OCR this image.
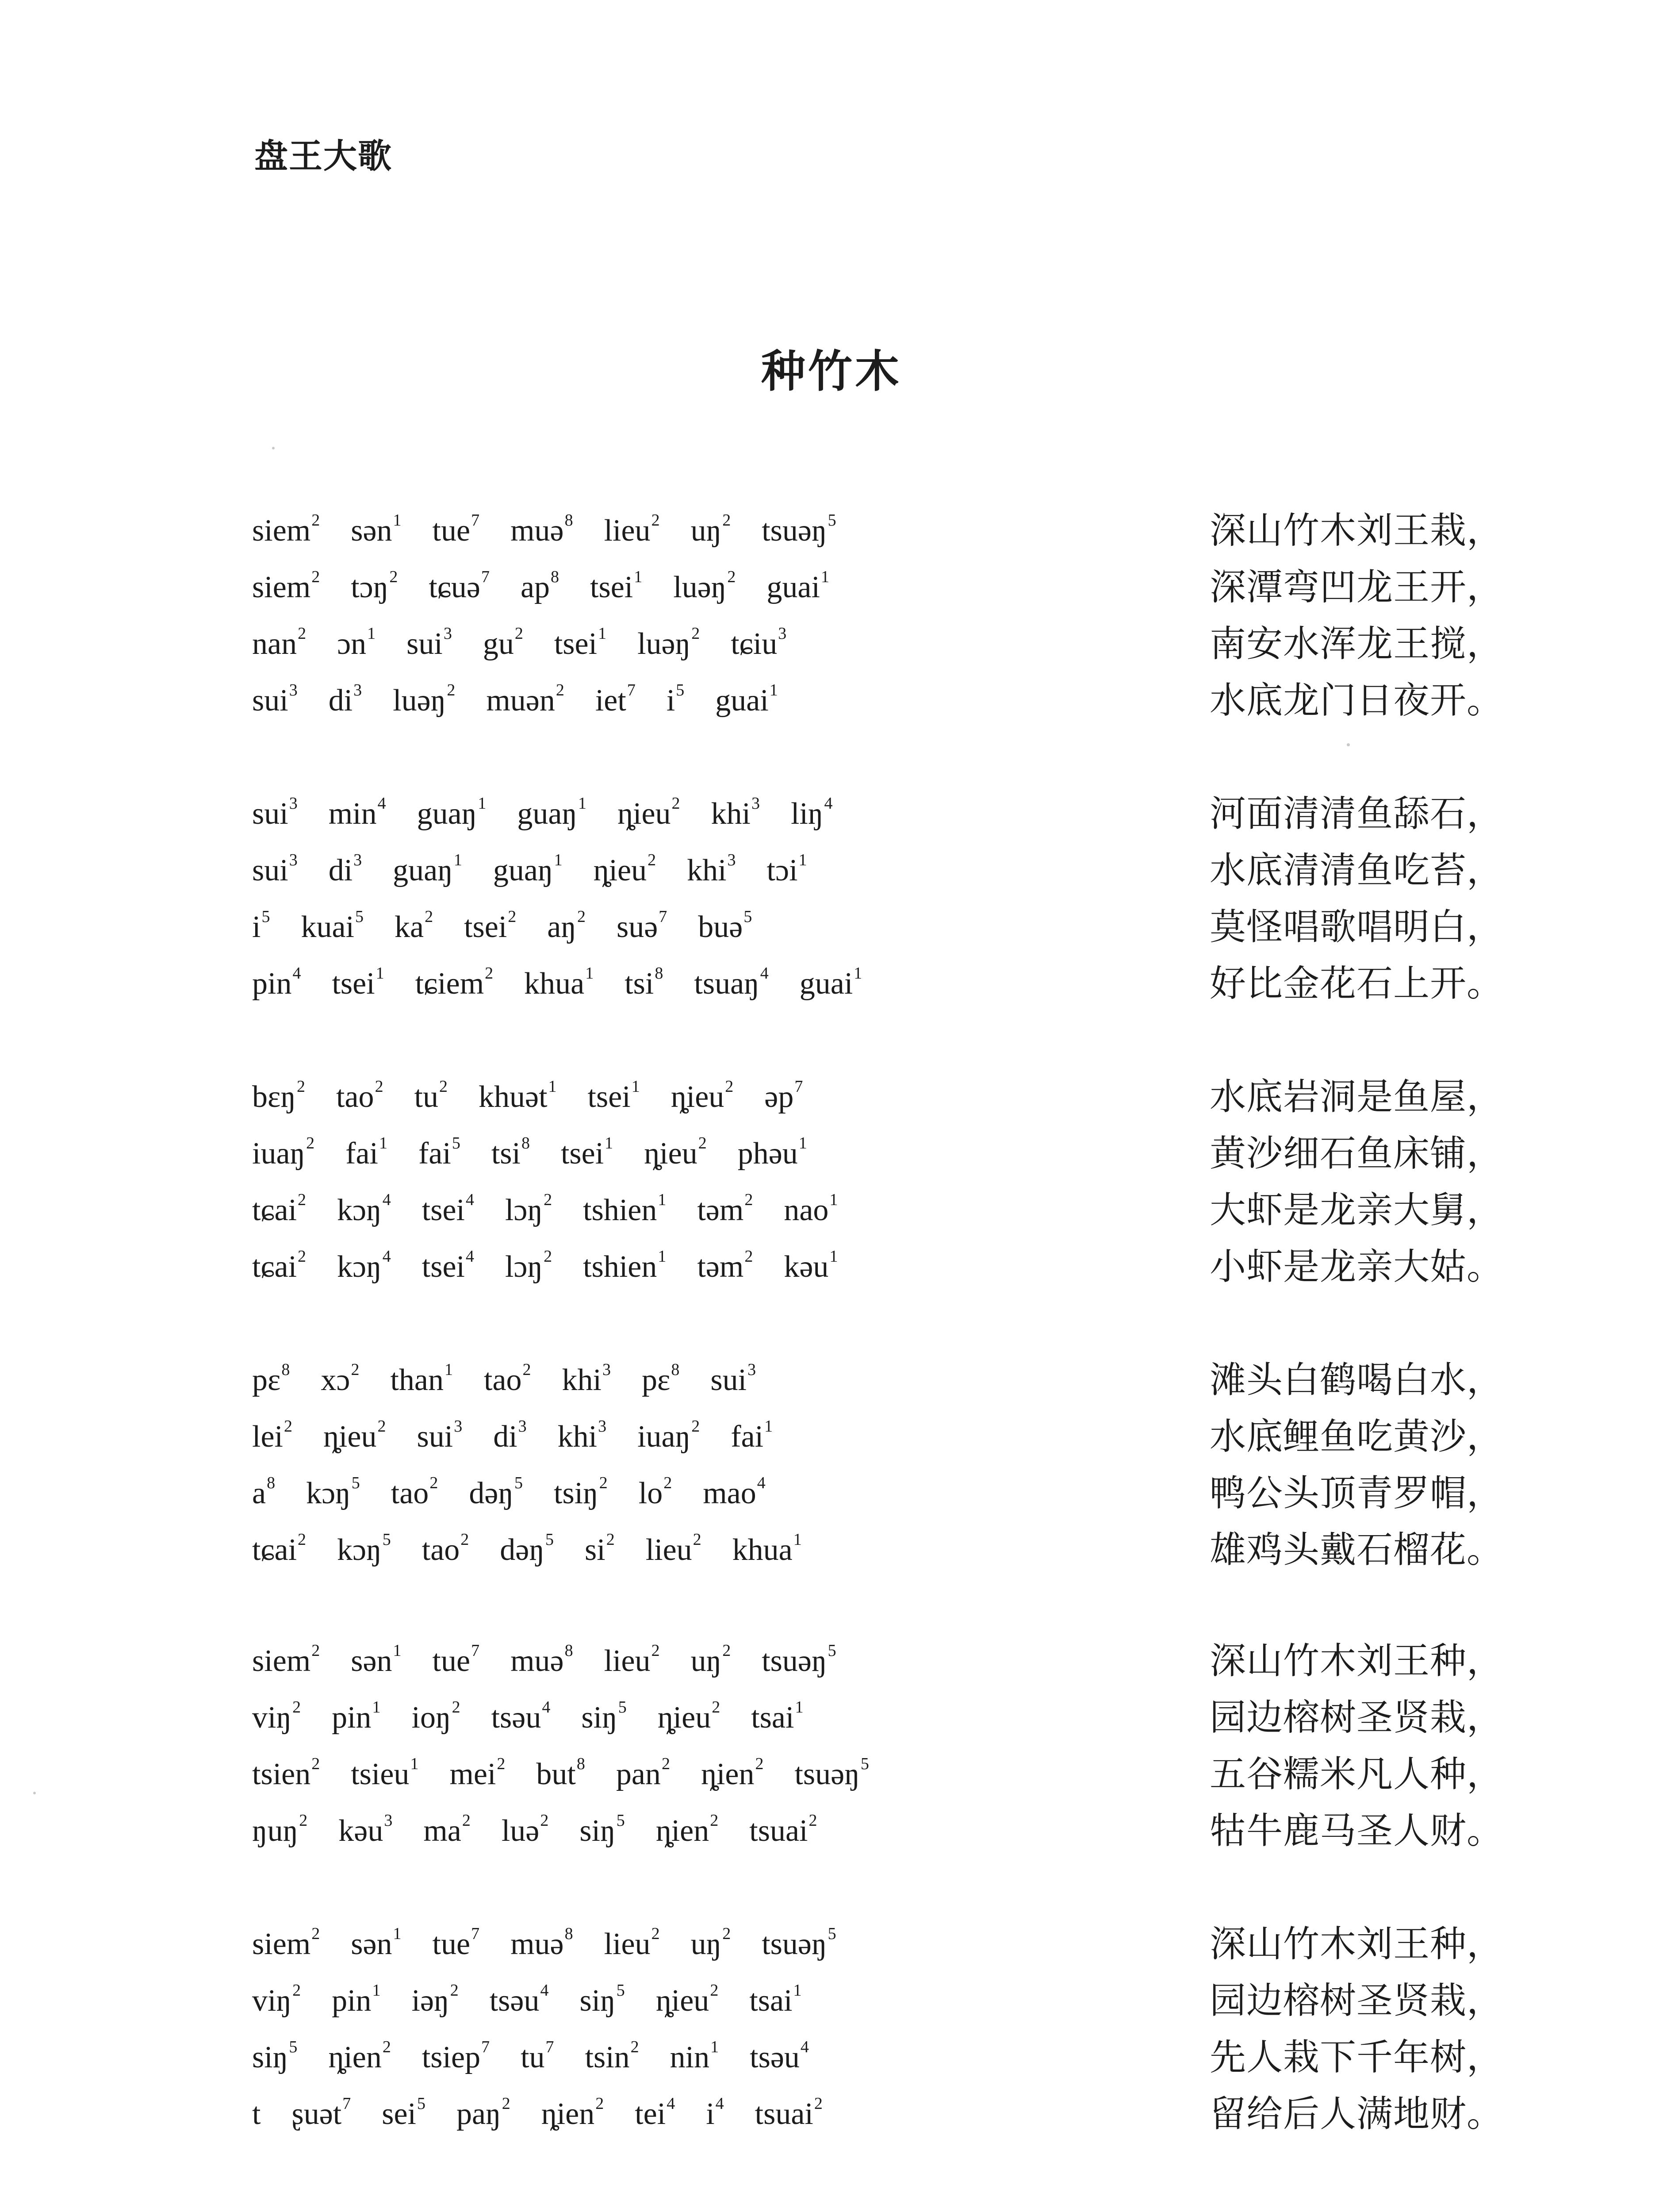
盘王大歌
种竹木
siem$^2$ sən$^1$ tue$^7$ muə$^8$ lieu$^2$ $uŋ^2$ tsuəŋ$^5$	深山竹木刘王栽，
siem$^2$ tɔŋ$^2$ tɕuə$^7$ $ap^8$ tsei$^1$ luəŋ$^2$ guai$^1$	深潭弯凹龙王开，
nan$^2$ ɔn$^1$ sui$^3$ $gu^2$ tsei$^1$ luəŋ$^2$ tɕiu$^3$	南安水浑龙王搅，
sui$^3$ $di^3$ luəŋ$^2$ muən$^2$ iet$^7$ $i^5$ guai$^1$	水底龙门日夜开。
sui$^3$ $\min^4$ guaŋ$^1$ guaŋ$^1$ ȵieu$^2$ khi$^3$ liŋ$^4$	河面清清鱼舔石，
sui$^3$ $di^3$ guaŋ$^1$ guaŋ$^1$ ȵieu$^2$ khi$^3$ tɔi$^1$	水底清清鱼吃苔，
$i^5$ kuai$^5$ $ka^2$ tsei$^2$ $aŋ^2$ suə$^7$ buə$^5$	莫怪唱歌唱明白，
pin$^4$ tsei$^1$ tɕiem$^2$ khua$^1$ tsi$^8$ tsuaŋ$^4$ guai$^1$	好比金花石上开。
bɛŋ$^2$ tao$^2$ $tu^2$ khuət$^1$ tsei$^1$ ȵieu$^2$ əp$^7$	水底岩洞是鱼屋，
iuaŋ$^2$ fai$^1$ fai$^5$ tsi$^8$ tsei$^1$ ȵieu$^2$ phəu$^1$	黄沙细石鱼床铺，
tɕai$^2$ kɔŋ$^4$ tsei$^4$ lɔŋ$^2$ tshien$^1$ təm$^2$ nao$^1$	大虾是龙亲大舅，
tɕai$^2$ kɔŋ$^4$ tsei$^4$ lɔŋ$^2$ tshien$^1$ təm$^2$ kəu$^1$	小虾是龙亲大姑。
pɛ$^8$ xɔ$^2$ than$^1$ tao$^2$ khi$^3$ pɛ$^8$ sui$^3$	滩头白鹤喝白水，
lei$^2$ ȵieu$^2$ sui$^3$ $di^3$ khi$^3$ iuaŋ$^2$ fai$^1$	水底鲤鱼吃黄沙，
$a^8$ kɔŋ$^5$ tao$^2$ dəŋ$^5$ tsiŋ$^2$ $lo^2$ mao$^4$	鸭公头顶青罗帽，
tɕai$^2$ kɔŋ$^5$ tao$^2$ dəŋ$^5$ $si^2$ lieu$^2$ khua$^1$	雄鸡头戴石榴花。
siem$^2$ sən$^1$ tue$^7$ muə$^8$ lieu$^2$ $uŋ^2$ tsuəŋ$^5$	深山竹木刘王种，
viŋ$^2$ pin$^1$ ioŋ$^2$ tsəu$^4$ siŋ$^5$ ȵieu$^2$ tsai$^1$	园边榕树圣贤栽，
tsien$^2$ tsieu$^1$ mei$^2$ but$^8$ pan$^2$ ȵien$^2$ tsuəŋ$^5$	五谷糯米凡人种，
ŋuŋ$^2$ kəu$^3$ $ma^2$ luə$^2$ siŋ$^5$ ȵien$^2$ tsuai$^2$	牯牛鹿马圣人财。
siem$^2$ sən$^1$ tue$^7$ muə$^8$ lieu$^2$ $uŋ^2$ tsuəŋ$^5$	深山竹木刘王种，
viŋ$^2$ pin$^1$ iəŋ$^2$ tsəu$^4$ siŋ$^5$ ȵieu$^2$ tsai$^1$	园边榕树圣贤栽，
siŋ$^5$ ȵien$^2$ tsiep$^7$ $tu^7$ tsin$^2$ nin$^1$ tsəu$^4$	先人栽下千年树，
t ʂuət$^7$ sei$^5$ paŋ$^2$ ȵien$^2$ tei$^4$ $i^4$ tsuai$^2$	留给后人满地财。
